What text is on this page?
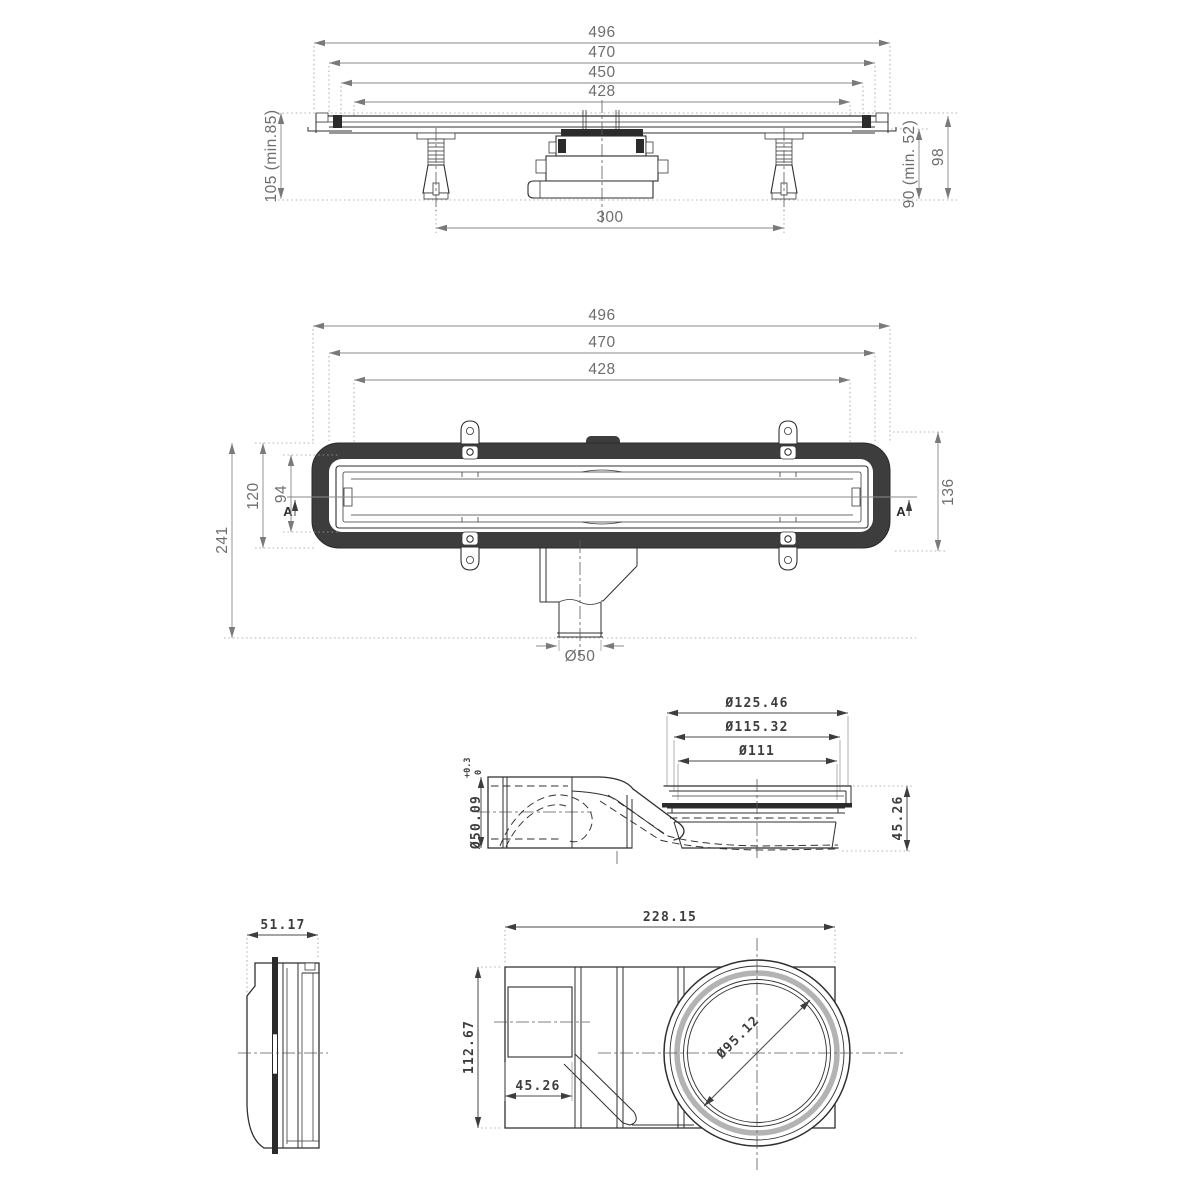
496
470
450
428
300
105 (min.85)	90 (min. 52) 98
496
470
428
A	A
94
120
241
136
Ø50
Ø125.46
Ø115.32
Ø111
Ø50.09
+0.3 0
45.26
51.17
228.15
112.67
45.26
Ø95.12
